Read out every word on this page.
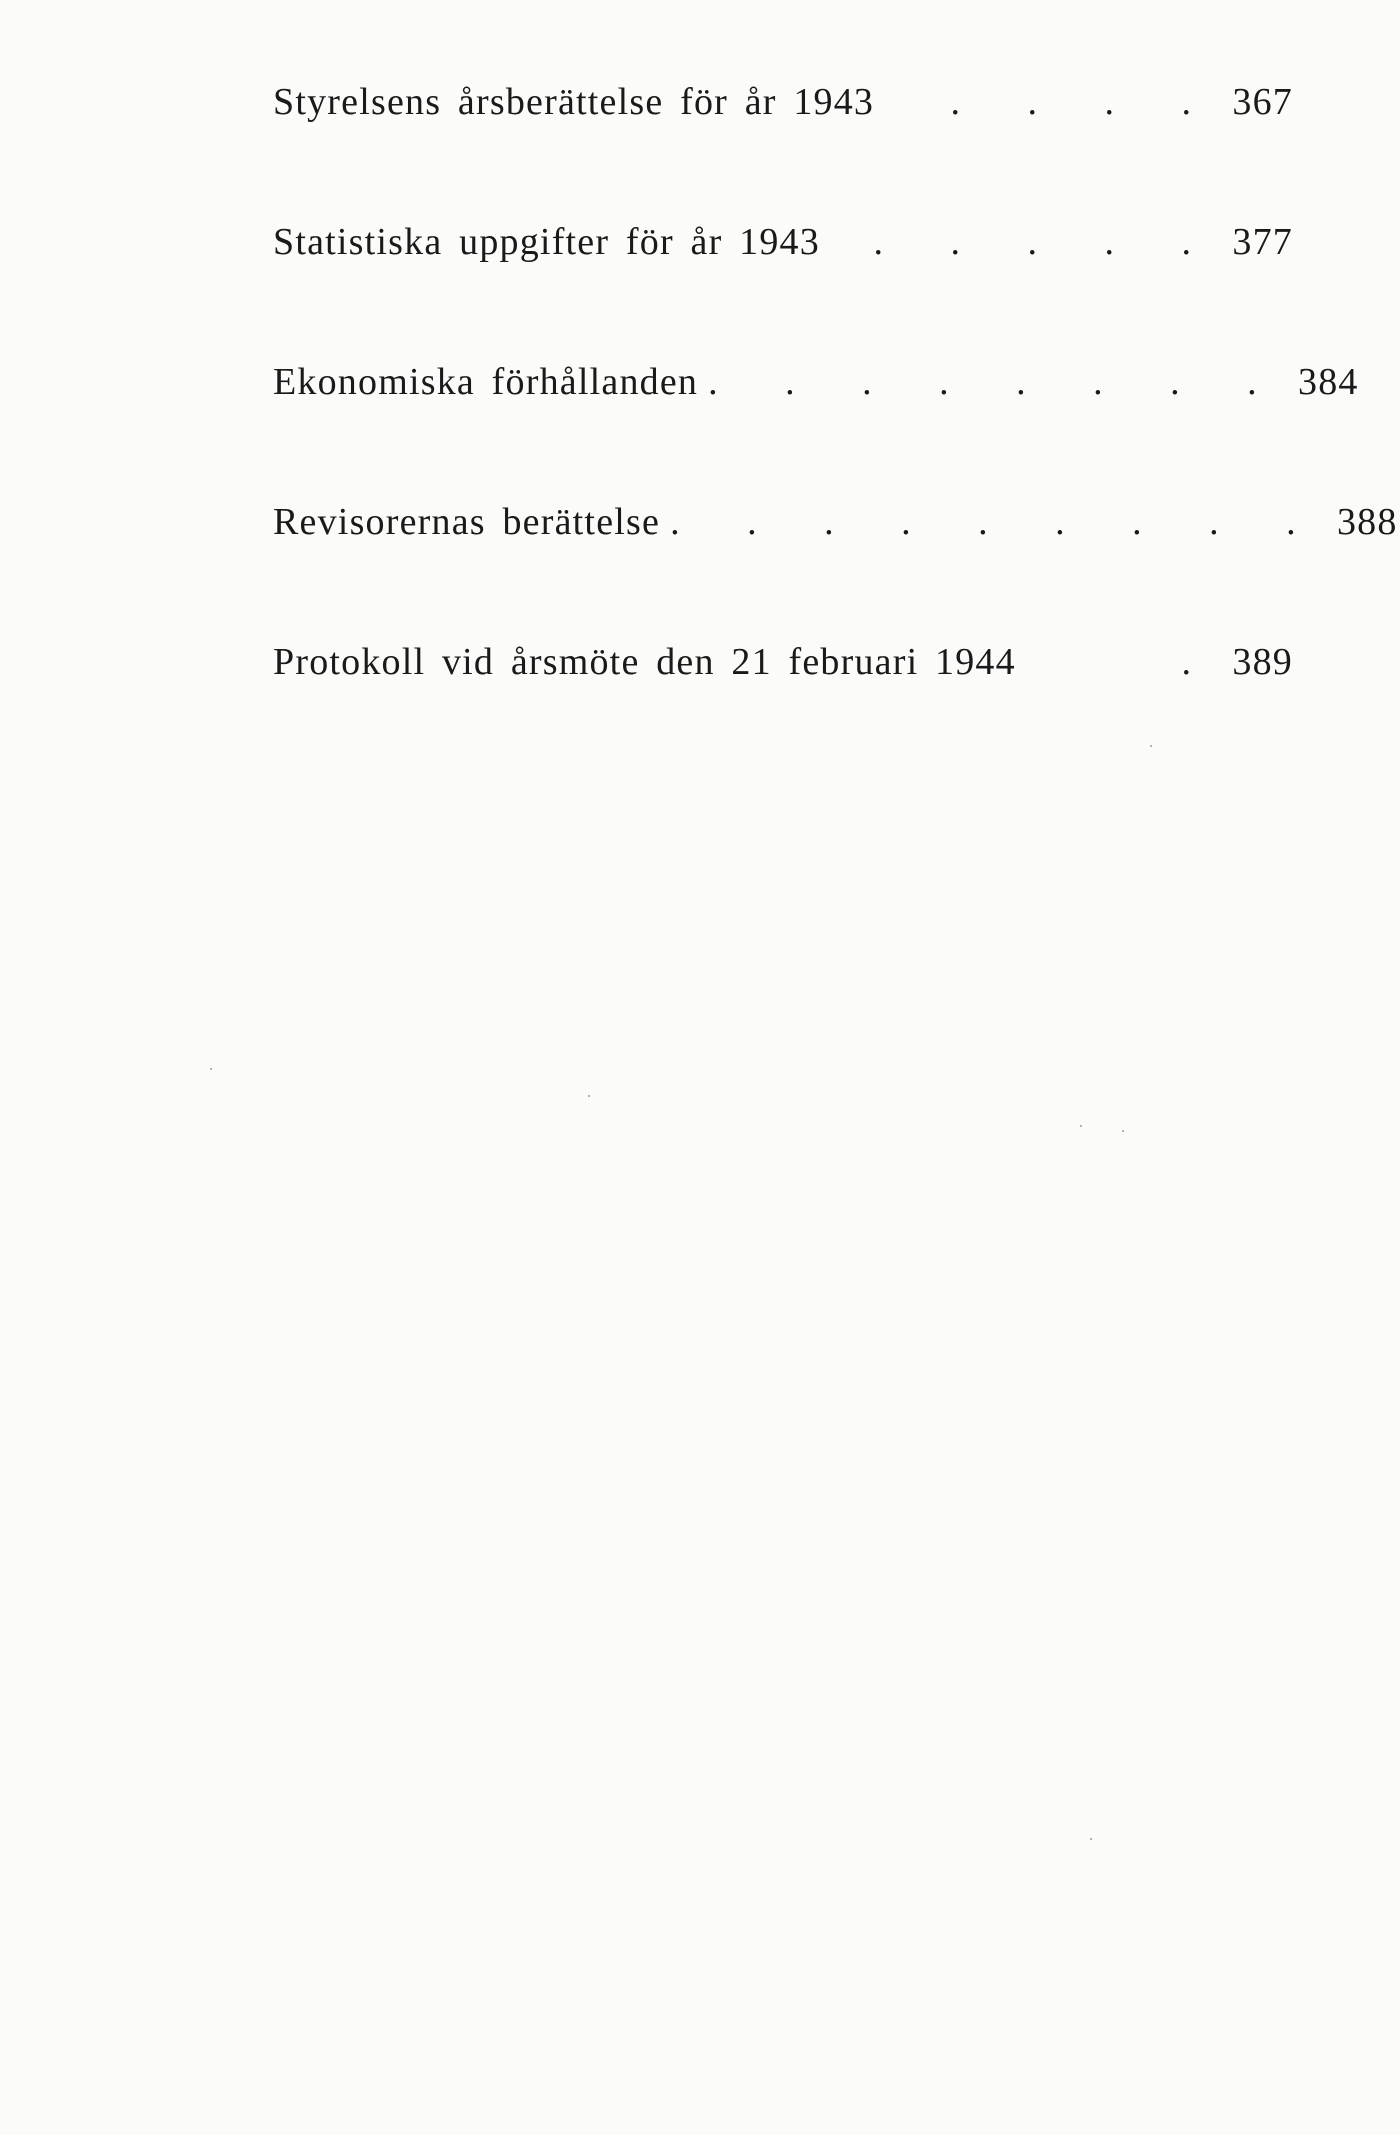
Styrelsens årsberättelse för år 1943	. . . . 367
Statistiska uppgifter för år 1943	. . . . . 377
Ekonomiska förhållanden . . . . . . . . 384
Revisorernas berättelse . . . . . . . . . 388
Protokoll vid årsmöte den 21 februari 1944	. 389
